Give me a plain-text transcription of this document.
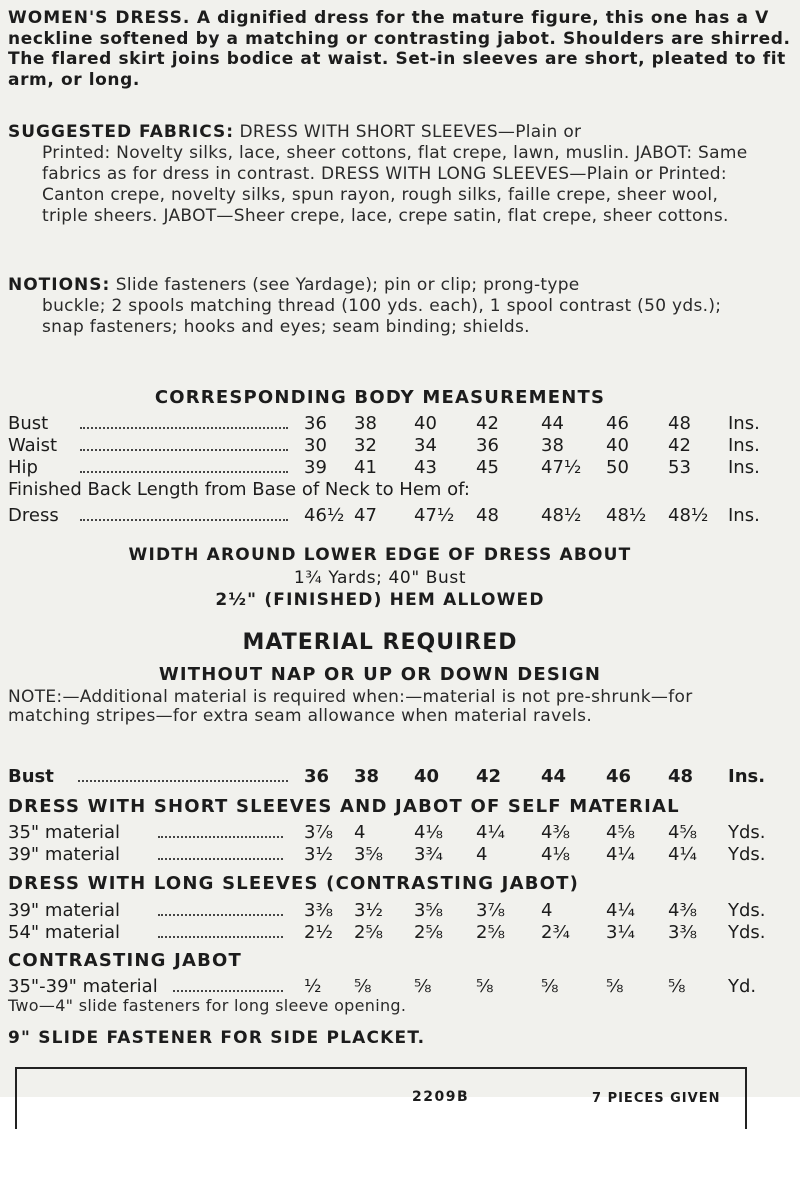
WOMEN'S DRESS. A dignified dress for the mature figure, this one has a V neckline softened by a matching or contrasting jabot. Shoulders are shirred. The flared skirt joins bodice at waist. Set-in sleeves are short, pleated to fit arm, or long.

SUGGESTED FABRICS: DRESS WITH SHORT SLEEVES—Plain or
Printed: Novelty silks, lace, sheer cottons, flat crepe, lawn, muslin. JABOT: Same fabrics as for dress in contrast. DRESS WITH LONG SLEEVES—Plain or Printed: Canton crepe, novelty silks, spun rayon, rough silks, faille crepe, sheer wool, triple sheers. JABOT—Sheer crepe, lace, crepe satin, flat crepe, sheer cottons.

NOTIONS: Slide fasteners (see Yardage); pin or clip; prong-type
buckle; 2 spools matching thread (100 yds. each), 1 spool contrast (50 yds.); snap fasteners; hooks and eyes; seam binding; shields.

CORRESPONDING BODY MEASUREMENTS

Bust	36 38 40 42 44 46 48 Ins.
Waist	30 32 34 36 38 40 42 Ins.
Hip	39 41 43 45 47½ 50 53 Ins.
Finished Back Length from Base of Neck to Hem of:
Dress	46½ 47 47½ 48 48½ 48½ 48½ Ins.

WIDTH AROUND LOWER EDGE OF DRESS ABOUT

1¾ Yards; 40" Bust

2½" (FINISHED) HEM ALLOWED

MATERIAL REQUIRED

WITHOUT NAP OR UP OR DOWN DESIGN

NOTE:—Additional material is required when:—material is not pre-shrunk—for matching stripes—for extra seam allowance when material ravels.

Bust	36 38 40 42 44 46 48 Ins.

DRESS WITH SHORT SLEEVES AND JABOT OF SELF MATERIAL

35" material	3⅞ 4	4⅛ 4¼ 4⅜ 4⅝ 4⅝ Yds.
39" material	3½ 3⅝ 3¾ 4	4⅛ 4¼ 4¼ Yds.

DRESS WITH LONG SLEEVES (CONTRASTING JABOT)

39" material	3⅜ 3½ 3⅝ 3⅞ 4	4¼ 4⅜ Yds.
54" material	2½ 2⅝ 2⅝ 2⅝ 2¾ 3¼ 3⅜ Yds.

CONTRASTING JABOT

35"-39" material	½ ⅝ ⅝ ⅝	⅝	⅝ ⅝ Yd.

Two—4" slide fasteners for long sleeve opening.

9" SLIDE FASTENER FOR SIDE PLACKET.

2209B	7 PIECES GIVEN
